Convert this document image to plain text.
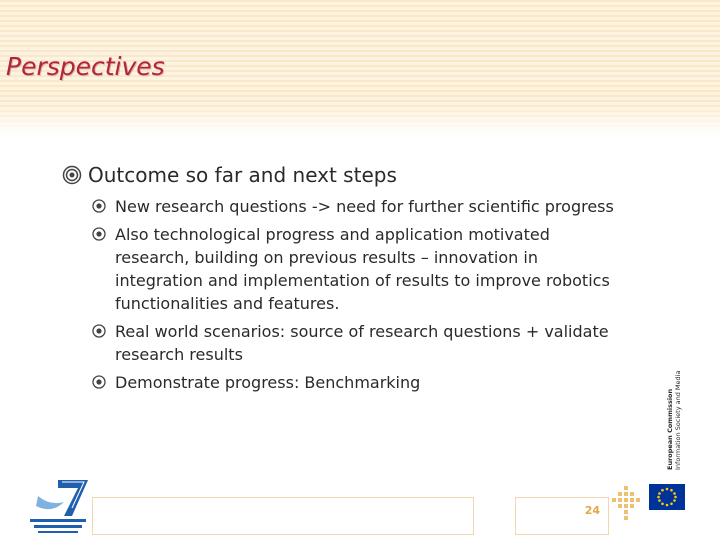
Perspectives
Outcome so far and next steps
New research questions -> need for further scientific progress
Also technological progress and application motivated research, building on previous results – innovation in integration and implementation of results to improve robotics functionalities and features.
Real world scenarios: source of research questions + validate research results
Demonstrate progress: Benchmarking
24
European Commission Information Society and Media
